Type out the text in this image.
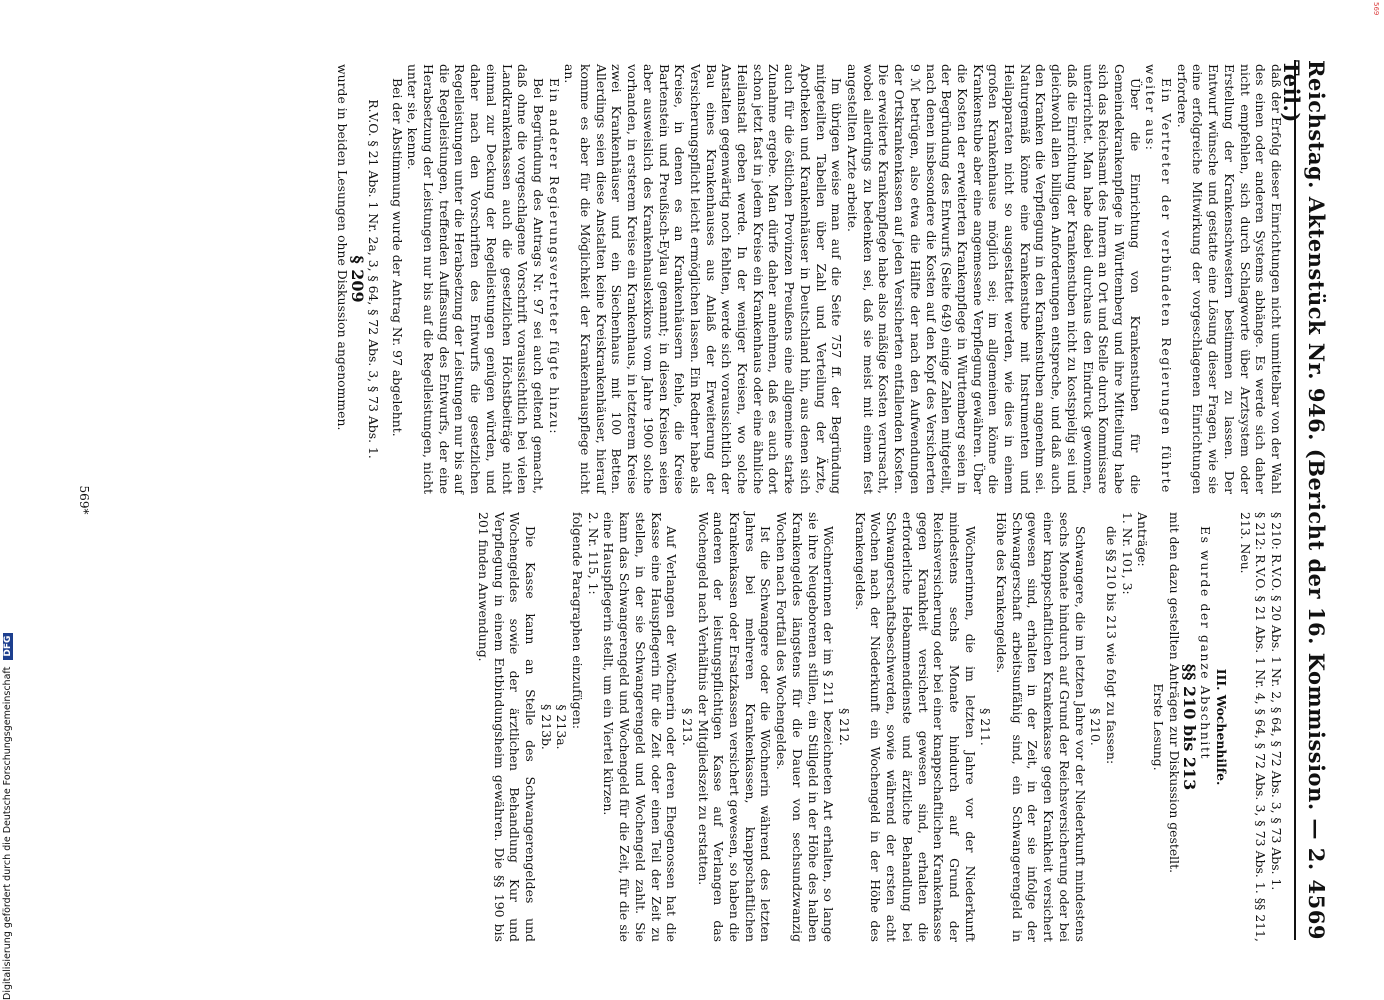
Reichstag. Aktenstück Nr. 946. (Bericht der 16. Kommission. — 2. Teil.)
4569

daß der Erfolg dieser Einrichtungen nicht unmittelbar von der Wahl des einen oder anderen Systems abhänge. Es werde sich daher nicht empfehlen, sich durch Schlagworte über Arztsystem oder Erstellung der Krankenschwestern bestimmen zu lassen. Der Entwurf wünsche und gestatte eine Lösung dieser Fragen, wie sie eine erfolgreiche Mitwirkung der vorgeschlagenen Einrichtungen erfordere.

Ein Vertreter der verbündeten Regierungen führte weiter aus:

Über die Einrichtung von Krankenstuben für die Gemeindekrankenpflege in Württemberg und ihre Mitteilung habe sich das Reichsamt des Innern an Ort und Stelle durch Kommissare unterrichtet. Man habe dabei durchaus den Eindruck gewonnen, daß die Einrichtung der Krankenstuben nicht zu kostspielig sei und gleichwohl allen billigen Anforderungen entspreche, und daß auch den Kranken die Verpflegung in den Krankenstuben angenehm sei. Naturgemäß könne eine Krankenstube mit Instrumenten und Heilapparaten nicht so ausgestattet werden, wie dies in einem großen Krankenhause möglich sei; im allgemeinen könne die Krankenstube aber eine angemessene Verpflegung gewähren. Über die Kosten der erweiterten Krankenpflege in Württemberg seien in der Begründung des Entwurfs (Seite 649) einige Zahlen mitgeteilt, nach denen insbesondere die Kosten auf den Kopf des Versicherten 9 ℳ betrügen, also etwa die Hälfte der nach den Aufwendungen der Ortskrankenkassen auf jeden Versicherten entfallenden Kosten. Die erweiterte Krankenpflege habe also mäßige Kosten verursacht, wobei allerdings zu bedenken sei, daß sie meist mit einem fest angestellten Arzte arbeite.

Im übrigen weise man auf die Seite 757 ff. der Begründung mitgeteilten Tabellen über Zahl und Verteilung der Ärzte, Apotheken und Krankenhäuser in Deutschland hin, aus denen sich auch für die östlichen Provinzen Preußens eine allgemeine starke Zunahme ergebe. Man dürfe daher annehmen, daß es auch dort schon jetzt fast in jedem Kreise ein Krankenhaus oder eine ähnliche Heilanstalt geben werde. In der weniger Kreisen, wo solche Anstalten gegenwärtig noch fehlten, werde sich voraussichtlich der Bau eines Krankenhauses aus Anlaß der Erweiterung der Versicherungspflicht leicht ermöglichen lassen. Ein Redner habe als Kreise, in denen es an Krankenhäusern fehle, die Kreise Bartenstein und Preußisch-Eylau genannt; in diesen Kreisen seien aber ausweislich des Krankenhauslexikons vom Jahre 1900 solche vorhanden, in ersterem Kreise ein Krankenhaus, in letzterem Kreise zwei Krankenhäuser und ein Siechenhaus mit 100 Betten. Allerdings seien diese Anstalten keine Kreiskrankenhäuser, hierauf komme es aber für die Möglichkeit der Krankenhauspflege nicht an.

Ein anderer Regierungsvertreter fügte hinzu:

Bei Begründung des Antrags Nr. 97 sei auch geltend gemacht, daß ohne die vorgeschlagene Vorschrift voraussichtlich bei vielen Landkrankenkassen auch die gesetzlichen Höchstbeiträge nicht einmal zur Deckung der Regelleistungen genügen würden, und daher nach den Vorschriften des Entwurfs die gesetzlichen Regelleistungen unter die Herabsetzung der Leistungen nur bis auf die Regelleistungen, treffenden Auffassung des Entwurfs, der eine Herabsetzung der Leistungen nur bis auf die Regelleistungen, nicht unter sie, kenne.

Bei der Abstimmung wurde der Antrag Nr. 97 abgelehnt.

R.V.O. § 21 Abs. 1 Nr. 2a, 3, § 64, § 72 Abs. 3, § 73 Abs. 1.

§ 209

wurde in beiden Lesungen ohne Diskussion angenommen.

§ 210: R.V.O. § 20 Abs. 1 Nr. 2, § 64, § 72 Abs. 3, § 73 Abs. 1.

§ 212: R.V.O. § 21 Abs. 1 Nr. 4, § 64, § 72 Abs. 3, § 73 Abs. 1. §§ 211, 213. Neu.

III. Wochenhilfe.

Es wurde der ganze Abschnitt

§§ 210 bis 213

mit den dazu gestellten Anträgen zur Diskussion gestellt.

Erste Lesung.

Anträge:

1. Nr. 101, 3:

die §§ 210 bis 213 wie folgt zu fassen:

§ 210.

Schwangere, die im letzten Jahre vor der Niederkunft mindestens sechs Monate hindurch auf Grund der Reichsversicherung oder bei einer knappschaftlichen Krankenkasse gegen Krankheit versichert gewesen sind, erhalten in der Zeit, in der sie infolge der Schwangerschaft arbeitsunfähig sind, ein Schwangerengeld in Höhe des Krankengeldes.

§ 211.

Wöchnerinnen, die im letzten Jahre vor der Niederkunft mindestens sechs Monate hindurch auf Grund der Reichsversicherung oder bei einer knappschaftlichen Krankenkasse gegen Krankheit versichert gewesen sind, erhalten die erforderliche Hebammendienste und ärztliche Behandlung bei Schwangerschaftsbeschwerden, sowie während der ersten acht Wochen nach der Niederkunft ein Wochengeld in der Höhe des Krankengeldes.

§ 212.

Wöchnerinnen der im § 211 bezeichneten Art erhalten, so lange sie ihre Neugeborenen stillen, ein Stillgeld in der Höhe des halben Krankengeldes längstens für die Dauer von sechsundzwanzig Wochen nach Fortfall des Wochengeldes.

Ist die Schwangere oder die Wöchnerin während des letzten Jahres bei mehreren Krankenkassen, knappschaftlichen Krankenkassen oder Ersatzkassen versichert gewesen, so haben die anderen der leistungspflichtigen Kasse auf Verlangen das Wochengeld nach Verhältnis der Mitgliedszeit zu erstatten.

§ 213.

Auf Verlangen der Wöchnerin oder deren Ehegenossen hat die Kasse eine Hauspflegerin für die Zeit oder einen Teil der Zeit zu stellen, in der sie Schwangerengeld und Wochengeld zahlt. Sie kann das Schwangerengeld und Wochengeld für die Zeit, für die sie eine Hauspflegerin stellt, um ein Viertel kürzen.

2. Nr. 115, 1:

folgende Paragraphen einzufügen:

§ 213a.

§ 213b.

Die Kasse kann an Stelle des Schwangerengeldes und Wochengeldes sowie der ärztlichen Behandlung Kur und Verpflegung in einem Entbindungsheim gewähren. Die §§ 190 bis 201 finden Anwendung.

569*
Digitalisierung gefördert durch die Deutsche Forschungsgemeinschaft DFG
569
